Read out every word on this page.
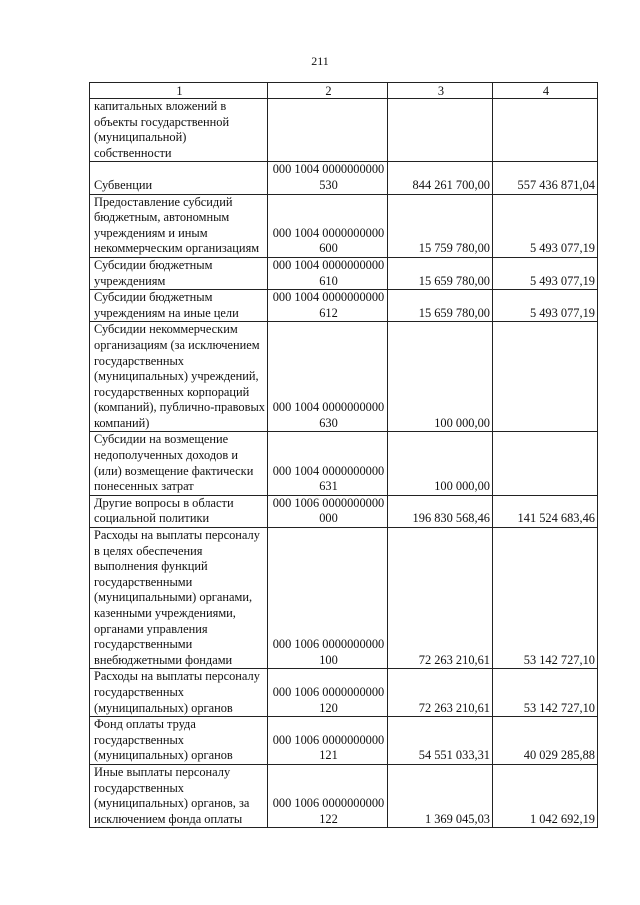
211
1	2	3	4
капитальных вложений в объекты государственной (муниципальной) собственности			
Субвенции	000 1004 0000000000 530	844 261 700,00	557 436 871,04
Предоставление субсидий бюджетным, автономным учреждениям и иным некоммерческим организациям	000 1004 0000000000 600	15 759 780,00	5 493 077,19
Субсидии бюджетным учреждениям	000 1004 0000000000 610	15 659 780,00	5 493 077,19
Субсидии бюджетным учреждениям на иные цели	000 1004 0000000000 612	15 659 780,00	5 493 077,19
Субсидии некоммерческим организациям (за исключением государственных (муниципальных) учреждений, государственных корпораций (компаний), публично-правовых компаний)	000 1004 0000000000 630	100 000,00	
Субсидии на возмещение недополученных доходов и (или) возмещение фактически понесенных затрат	000 1004 0000000000 631	100 000,00	
Другие вопросы в области социальной политики	000 1006 0000000000 000	196 830 568,46	141 524 683,46
Расходы на выплаты персоналу в целях обеспечения выполнения функций государственными (муниципальными) органами, казенными учреждениями, органами управления государственными внебюджетными фондами	000 1006 0000000000 100	72 263 210,61	53 142 727,10
Расходы на выплаты персоналу государственных (муниципальных) органов	000 1006 0000000000 120	72 263 210,61	53 142 727,10
Фонд оплаты труда государственных (муниципальных) органов	000 1006 0000000000 121	54 551 033,31	40 029 285,88
Иные выплаты персоналу государственных (муниципальных) органов, за исключением фонда оплаты	000 1006 0000000000 122	1 369 045,03	1 042 692,19
